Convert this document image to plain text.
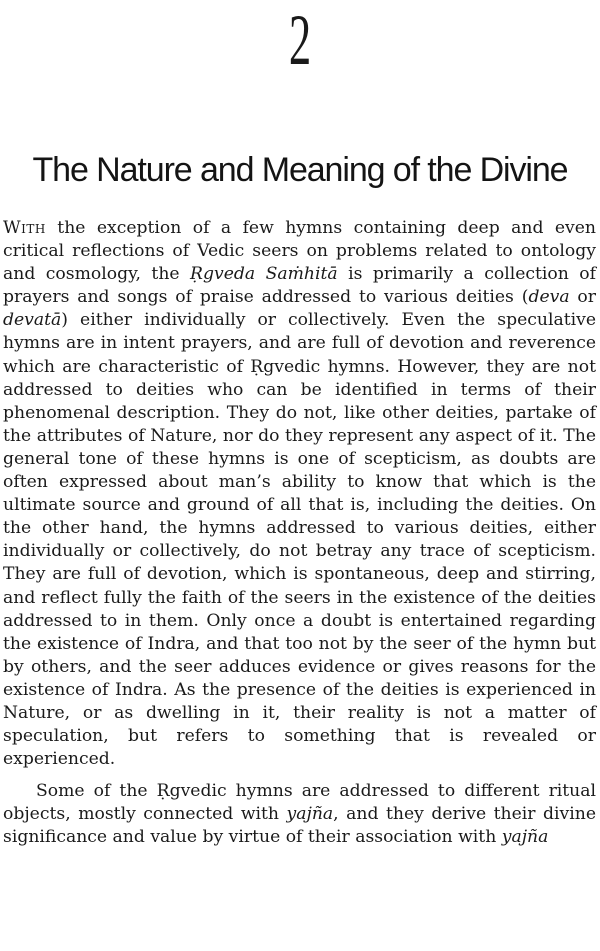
2
The Nature and Meaning of the Divine

With the exception of a few hymns containing deep and even critical reflections of Vedic seers on problems related to ontology and cosmology, the Ṛgveda Saṁhitā is primarily a collection of prayers and songs of praise addressed to various deities (deva or devatā) either individually or collectively. Even the speculative hymns are in intent prayers, and are full of devotion and reverence which are characteristic of Ṛgvedic hymns. However, they are not addressed to deities who can be identified in terms of their phenomenal description. They do not, like other deities, partake of the attributes of Nature, nor do they represent any aspect of it. The general tone of these hymns is one of scepticism, as doubts are often expressed about man’s ability to know that which is the ultimate source and ground of all that is, including the deities. On the other hand, the hymns addressed to various deities, either individually or collectively, do not betray any trace of scepticism. They are full of devotion, which is spontaneous, deep and stirring, and reflect fully the faith of the seers in the existence of the deities addressed to in them. Only once a doubt is entertained regarding the existence of Indra, and that too not by the seer of the hymn but by others, and the seer adduces evidence or gives reasons for the existence of Indra. As the presence of the deities is experienced in Nature, or as dwelling in it, their reality is not a matter of speculation, but refers to something that is revealed or experienced.

Some of the Ṛgvedic hymns are addressed to different ritual objects, mostly connected with yajña, and they derive their divine significance and value by virtue of their association with yajña
